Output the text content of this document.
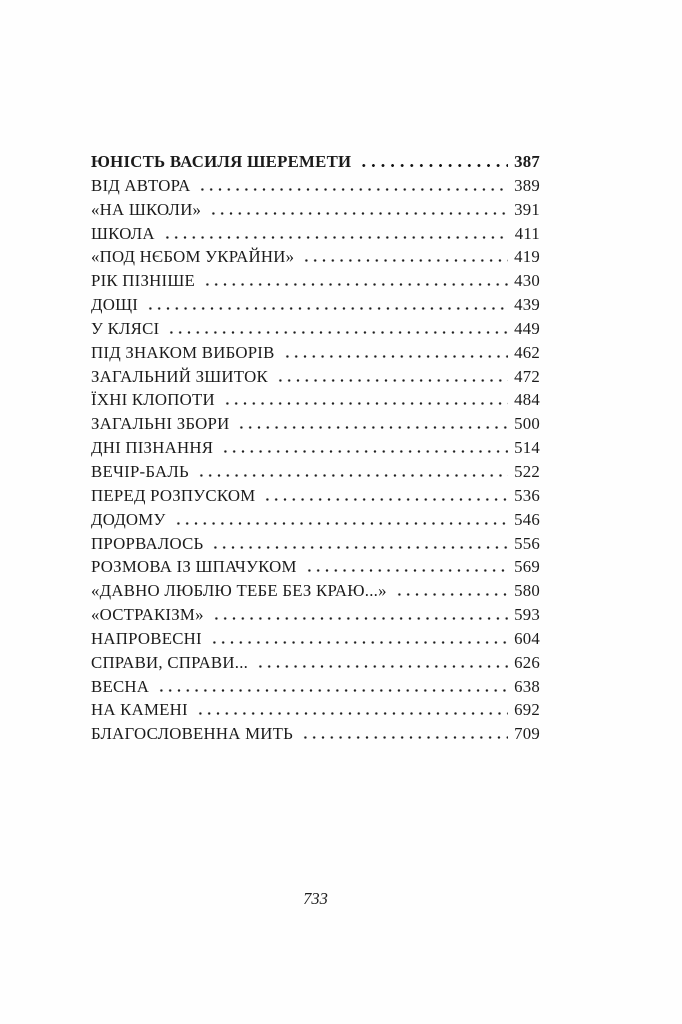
ЮНІСТЬ ВАСИЛЯ ШЕРЕМЕТИ	387
ВІД АВТОРА	389
«НА ШКОЛИ»	391
ШКОЛА	411
«ПОД НЄБОМ УКРАЙНИ»	419
РІК ПІЗНІШЕ	430
ДОЩІ	439
У КЛЯСІ	449
ПІД ЗНАКОМ ВИБОРІВ	462
ЗАГАЛЬНИЙ ЗШИТОК	472
ЇХНІ КЛОПОТИ	484
ЗАГАЛЬНІ ЗБОРИ	500
ДНІ ПІЗНАННЯ	514
ВЕЧІР-БАЛЬ	522
ПЕРЕД РОЗПУСКОМ	536
ДОДОМУ	546
ПРОРВАЛОСЬ	556
РОЗМОВА ІЗ ШПАЧУКОМ	569
«ДАВНО ЛЮБЛЮ ТЕБЕ БЕЗ КРАЮ...»	580
«ОСТРАКІЗМ»	593
НАПРОВЕСНІ	604
СПРАВИ, СПРАВИ...	626
ВЕСНА	638
НА КАМЕНІ	692
БЛАГОСЛОВЕННА МИТЬ	709
733
